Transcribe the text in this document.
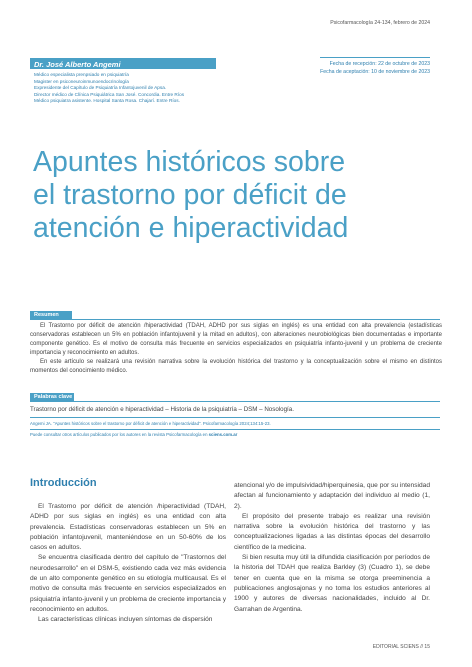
Psicofarmacología 24-134, febrero de 2024
Dr. José Alberto Angemi
Médico especialista prenpsiado en psiquiatría
Magister en psiconeuroinmunoendocrinología
Expresidente del Capítulo de Psiquiatría Infantojuvenil de Apsa.
Director médico de Clínica Psiquiátrica San José. Concordia. Entre Ríos
Médico psiquiatra asistente. Hospital Santa Rosa. Chajarí. Entre Ríos.
Fecha de recepción: 22 de octubre de 2023
Fecha de aceptación: 10 de noviembre de 2023
Apuntes históricos sobre
el trastorno por déficit de
atención e hiperactividad
Resumen

El Trastorno por déficit de atención /hiperactividad (TDAH, ADHD por sus siglas en inglés) es una entidad con alta prevalencia (estadísticas conservadoras establecen un 5% en población infantojuvenil y la mitad en adultos), con alteraciones neurobiológicas bien documentadas e importante componente genético. Es el motivo de consulta más frecuente en servicios especializados en psiquiatría infanto-juvenil y un problema de creciente importancia y reconocimiento en adultos.

En este artículo se realizará una revisión narrativa sobre la evolución histórica del trastorno y la conceptualización sobre el mismo en distintos momentos del conocimiento médico.

Palabras clave
Trastorno por déficit de atención e hiperactividad – Historia de la psiquiatría – DSM – Nosología.
Angemi JA. "Apuntes históricos sobre el trastorno por déficit de atención e hiperactividad". Psicofarmacología 2024;134:15-23.
Puede consultar otros artículos publicados por los autores en la revista Psicofarmacología en sciens.com.ar
Introducción

El Trastorno por déficit de atención /hiperactividad (TDAH, ADHD por sus siglas en inglés) es una entidad con alta prevalencia. Estadísticas conservadoras establecen un 5% en población infantojuvenil, manteniéndose en un 50-60% de los casos en adultos.

Se encuentra clasificada dentro del capítulo de "Trastornos del neurodesarrollo" en el DSM-5, existiendo cada vez más evidencia de un alto componente genético en su etiología multicausal. Es el motivo de consulta más frecuente en servicios especializados en psiquiatría infanto-juvenil y un problema de creciente importancia y reconocimiento en adultos.

Las características clínicas incluyen síntomas de dispersión

atencional y/o de impulsividad/hiperquinesia, que por su intensidad afectan al funcionamiento y adaptación del individuo al medio (1, 2).

El propósito del presente trabajo es realizar una revisión narrativa sobre la evolución histórica del trastorno y las conceptualizaciones ligadas a las distintas épocas del desarrollo científico de la medicina.

Si bien resulta muy útil la difundida clasificación por períodos de la historia del TDAH que realiza Barkley (3) (Cuadro 1), se debe tener en cuenta que en la misma se otorga preeminencia a publicaciones anglosajonas y no toma los estudios anteriores al 1900 y autores de diversas nacionalidades, incluido al Dr. Garrahan de Argentina.

EDITORIAL SCIENS // 15
